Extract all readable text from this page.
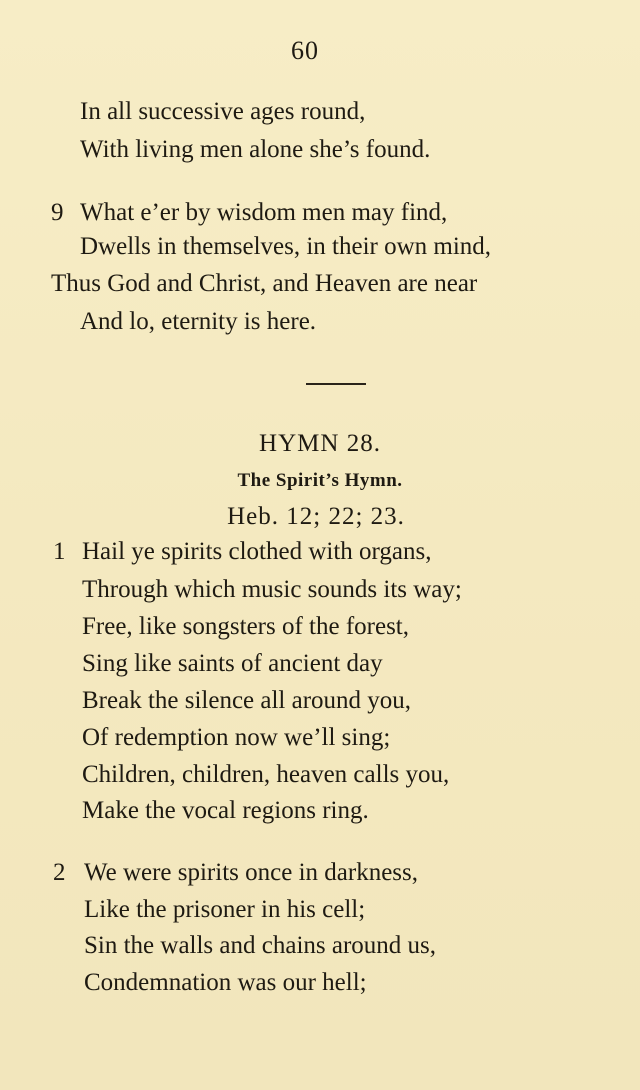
60
In all successive ages round,
With living men alone she’s found.
9 What e’er by wisdom men may find,
Dwells in themselves, in their own mind,
Thus God and Christ, and Heaven are near
And lo, eternity is here.
HYMN 28.
The Spirit’s Hymn.
Heb. 12; 22; 23.
1 Hail ye spirits clothed with organs,
Through which music sounds its way;
Free, like songsters of the forest,
Sing like saints of ancient day
Break the silence all around you,
Of redemption now we’ll sing;
Children, children, heaven calls you,
Make the vocal regions ring.
2 We were spirits once in darkness,
Like the prisoner in his cell;
Sin the walls and chains around us,
Condemnation was our hell;
